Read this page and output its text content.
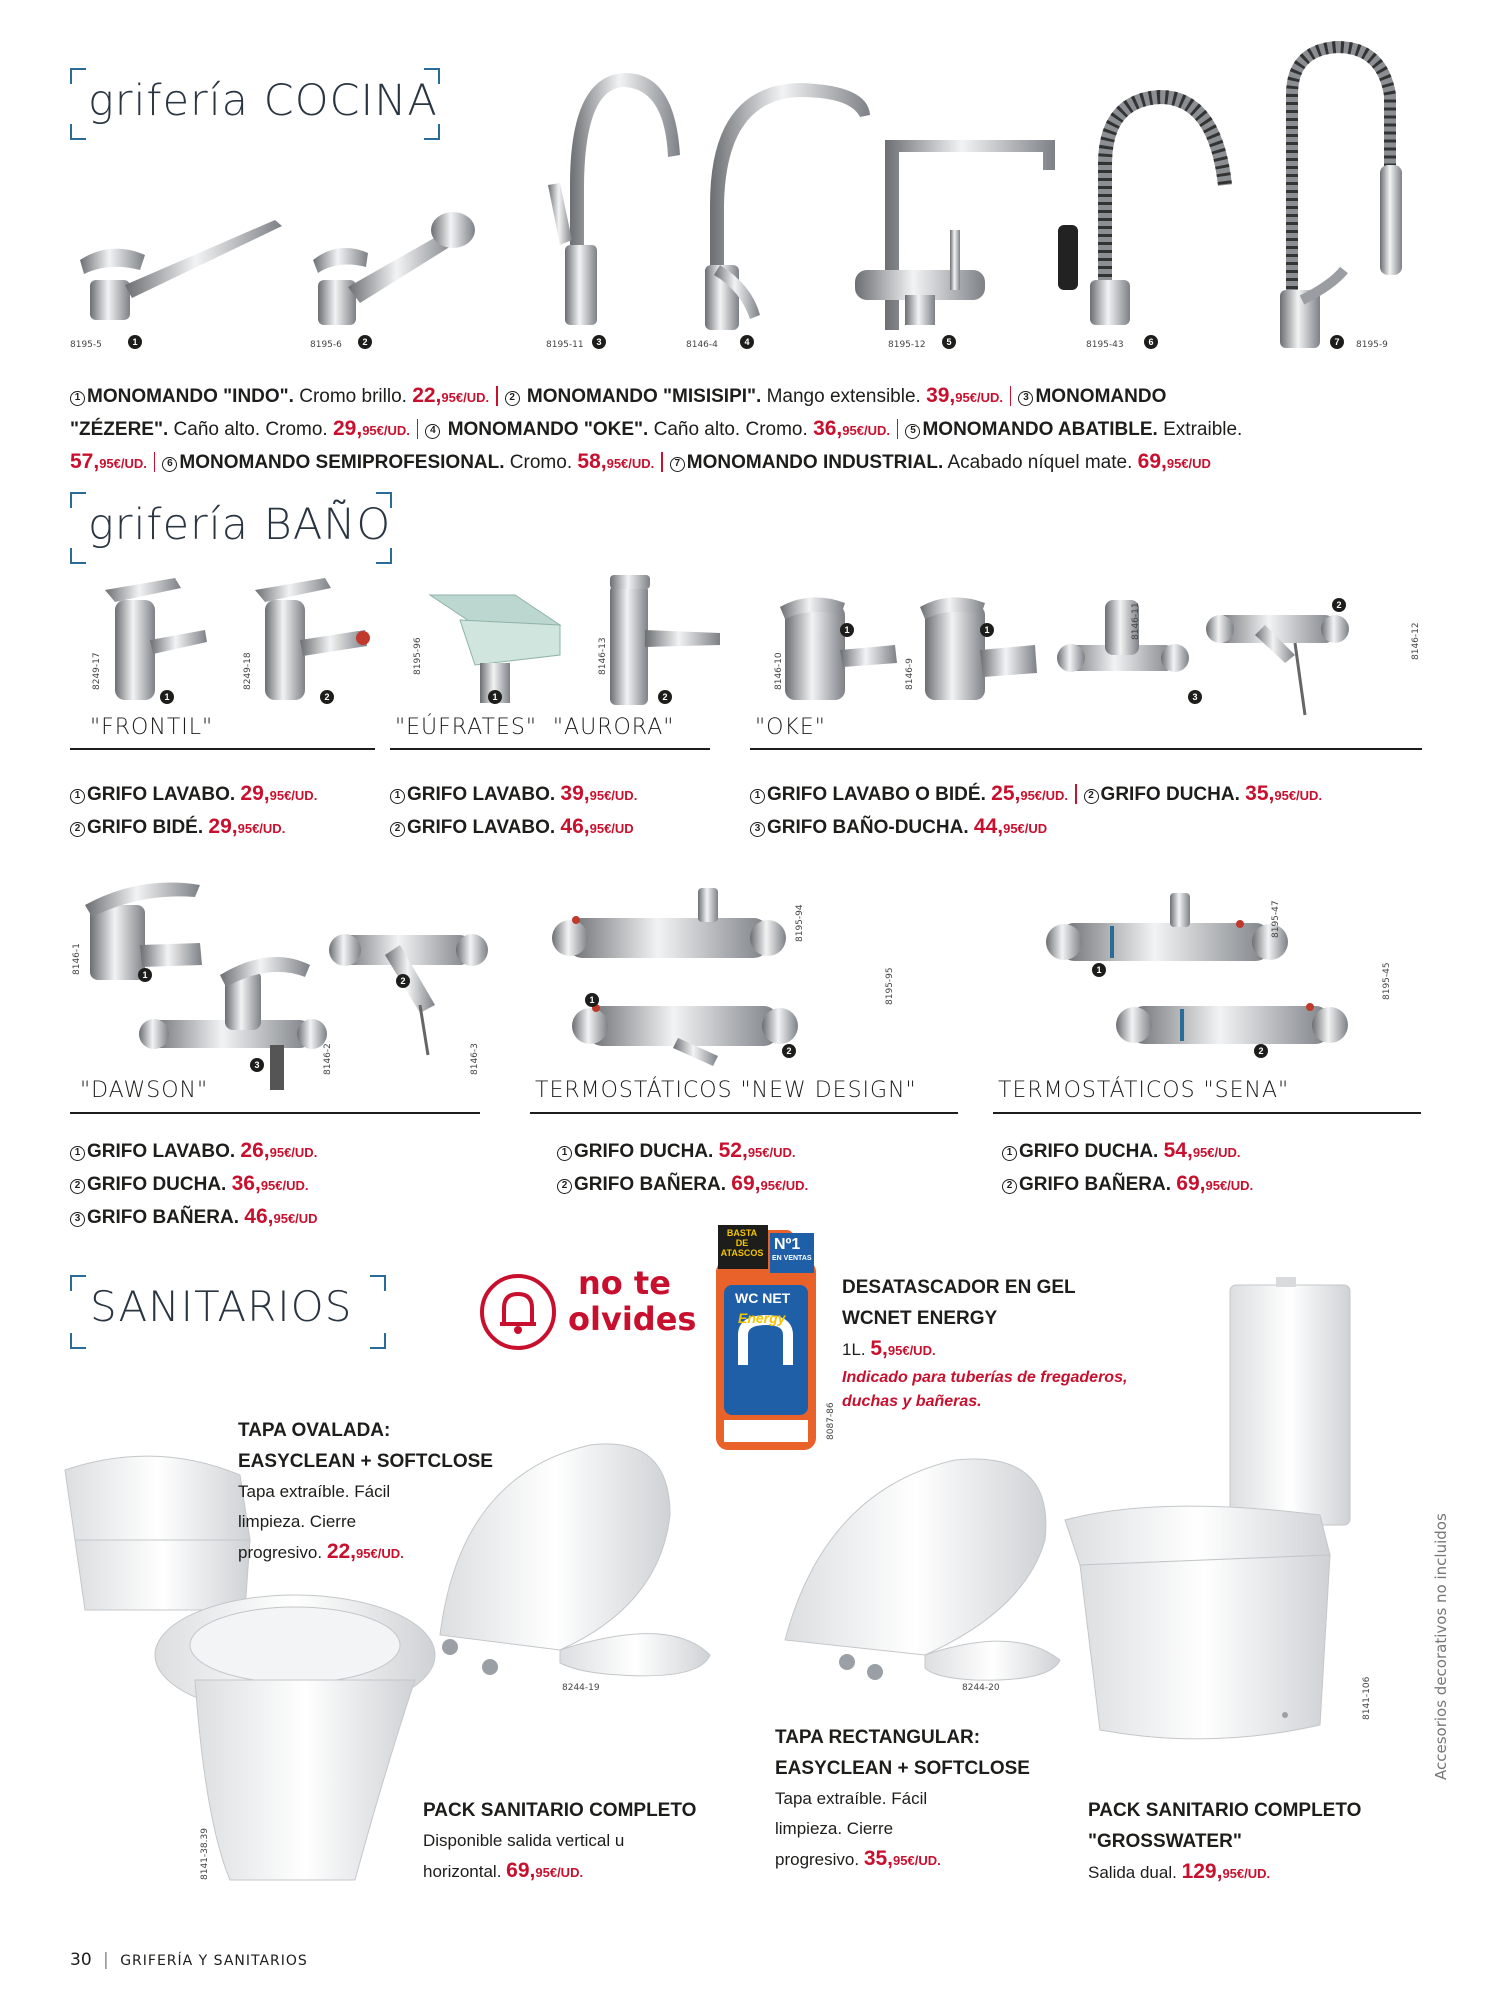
grifería COCINA
8195-5	1	8195-6	2	8195-11	3	8146-4	4	8195-12	5	8195-43	6	7	8195-9
1 MONOMANDO "INDO". Cromo brillo. 22,95€/UD. 2 MONOMANDO "MISISIPI". Mango extensible. 39,95€/UD. 3 MONOMANDO
"ZÉZERE". Caño alto. Cromo. 29,95€/UD. 4 MONOMANDO "OKE". Caño alto. Cromo. 36,95€/UD. 5 MONOMANDO ABATIBLE. Extraible.
57,95€/UD. 6 MONOMANDO SEMIPROFESIONAL. Cromo. 58,95€/UD. 7 MONOMANDO INDUSTRIAL. Acabado níquel mate. 69,95€/UD
grifería BAÑO
8249-17	8249-18
1	2
8195-96	8146-13
1	2
8146-10	8146-9
8146-11
8146-12
1	1
3
2
"FRONTIL"	"EÚFRATES"  "AURORA"	"OKE"
1 GRIFO LAVABO. 29,95€/UD.
2 GRIFO BIDÉ. 29,95€/UD.
1 GRIFO LAVABO. 39,95€/UD.
2 GRIFO LAVABO. 46,95€/UD
1 GRIFO LAVABO O BIDÉ. 25,95€/UD. 2 GRIFO DUCHA. 35,95€/UD.
3 GRIFO BAÑO-DUCHA. 44,95€/UD
8146-1
8146-2	8146-3
1
3
2
8195-94
8195-95
1
2
8195-47
8195-45
1
2
"DAWSON"	TERMOSTÁTICOS "NEW DESIGN"	TERMOSTÁTICOS "SENA"
1 GRIFO LAVABO. 26,95€/UD.
2 GRIFO DUCHA. 36,95€/UD.
3 GRIFO BAÑERA. 46,95€/UD
1 GRIFO DUCHA. 52,95€/UD.
2 GRIFO BAÑERA. 69,95€/UD.
1 GRIFO DUCHA. 54,95€/UD.
2 GRIFO BAÑERA. 69,95€/UD.
SANITARIOS	no te
olvides
BASTA DE ATASCOS Nº1
EN VENTAS
WC NET
Energy
8087-86
DESATASCADOR EN GEL
WCNET ENERGY
1L. 5,95€/UD.
Indicado para tuberías de fregaderos,
duchas y bañeras.
8141-38.39
TAPA OVALADA:
EASYCLEAN + SOFTCLOSE
Tapa extraíble. Fácil
limpieza. Cierre
progresivo. 22,95€/UD.
8244-19
PACK SANITARIO COMPLETO
Disponible salida vertical u
horizontal. 69,95€/UD.
8244-20
TAPA RECTANGULAR:
EASYCLEAN + SOFTCLOSE
Tapa extraíble. Fácil
limpieza. Cierre
progresivo. 35,95€/UD.
8141-106
PACK SANITARIO COMPLETO
"GROSSWATER"
Salida dual. 129,95€/UD.
Accesorios decorativos no incluidos
30 | GRIFERÍA Y SANITARIOS
